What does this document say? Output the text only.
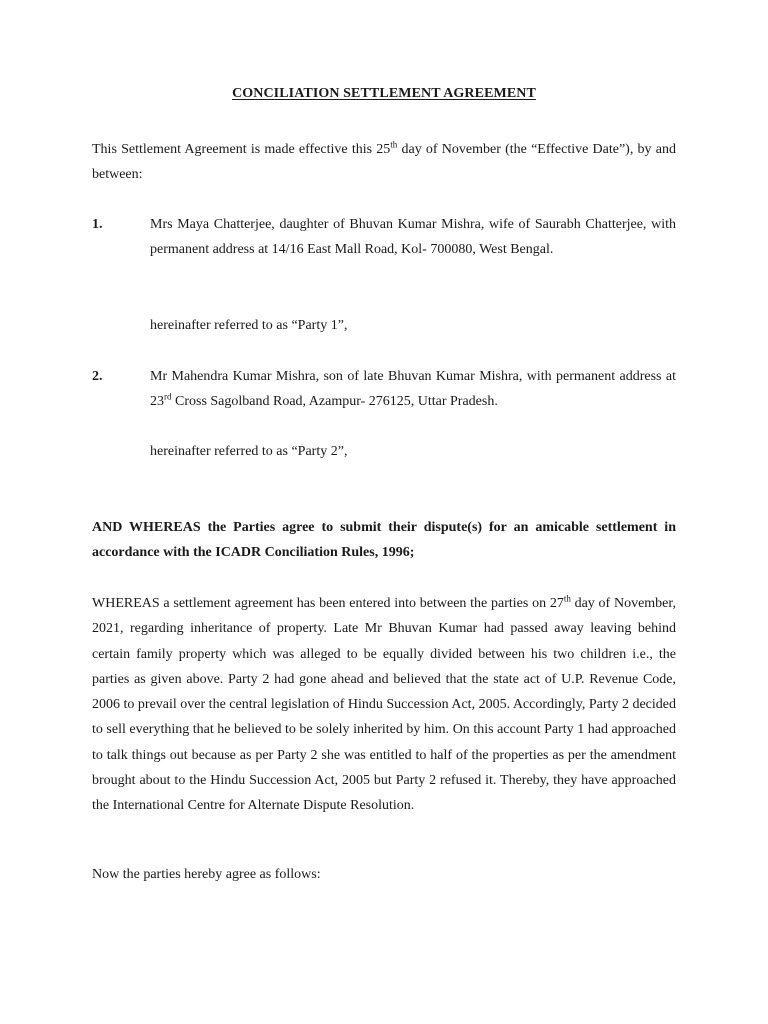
CONCILIATION SETTLEMENT AGREEMENT
This Settlement Agreement is made effective this 25th day of November (the “Effective Date”), by and between:
1.	Mrs Maya Chatterjee, daughter of Bhuvan Kumar Mishra, wife of Saurabh Chatterjee, with permanent address at 14/16 East Mall Road, Kol- 700080, West Bengal.
hereinafter referred to as “Party 1”,
2.	Mr Mahendra Kumar Mishra, son of late Bhuvan Kumar Mishra, with permanent address at 23rd Cross Sagolband Road, Azampur- 276125, Uttar Pradesh.
hereinafter referred to as “Party 2”,
AND WHEREAS the Parties agree to submit their dispute(s) for an amicable settlement in accordance with the ICADR Conciliation Rules, 1996;
WHEREAS a settlement agreement has been entered into between the parties on 27th day of November, 2021, regarding inheritance of property. Late Mr Bhuvan Kumar had passed away leaving behind certain family property which was alleged to be equally divided between his two children i.e., the parties as given above. Party 2 had gone ahead and believed that the state act of U.P. Revenue Code, 2006 to prevail over the central legislation of Hindu Succession Act, 2005. Accordingly, Party 2 decided to sell everything that he believed to be solely inherited by him. On this account Party 1 had approached to talk things out because as per Party 2 she was entitled to half of the properties as per the amendment brought about to the Hindu Succession Act, 2005 but Party 2 refused it. Thereby, they have approached the International Centre for Alternate Dispute Resolution.
Now the parties hereby agree as follows:
